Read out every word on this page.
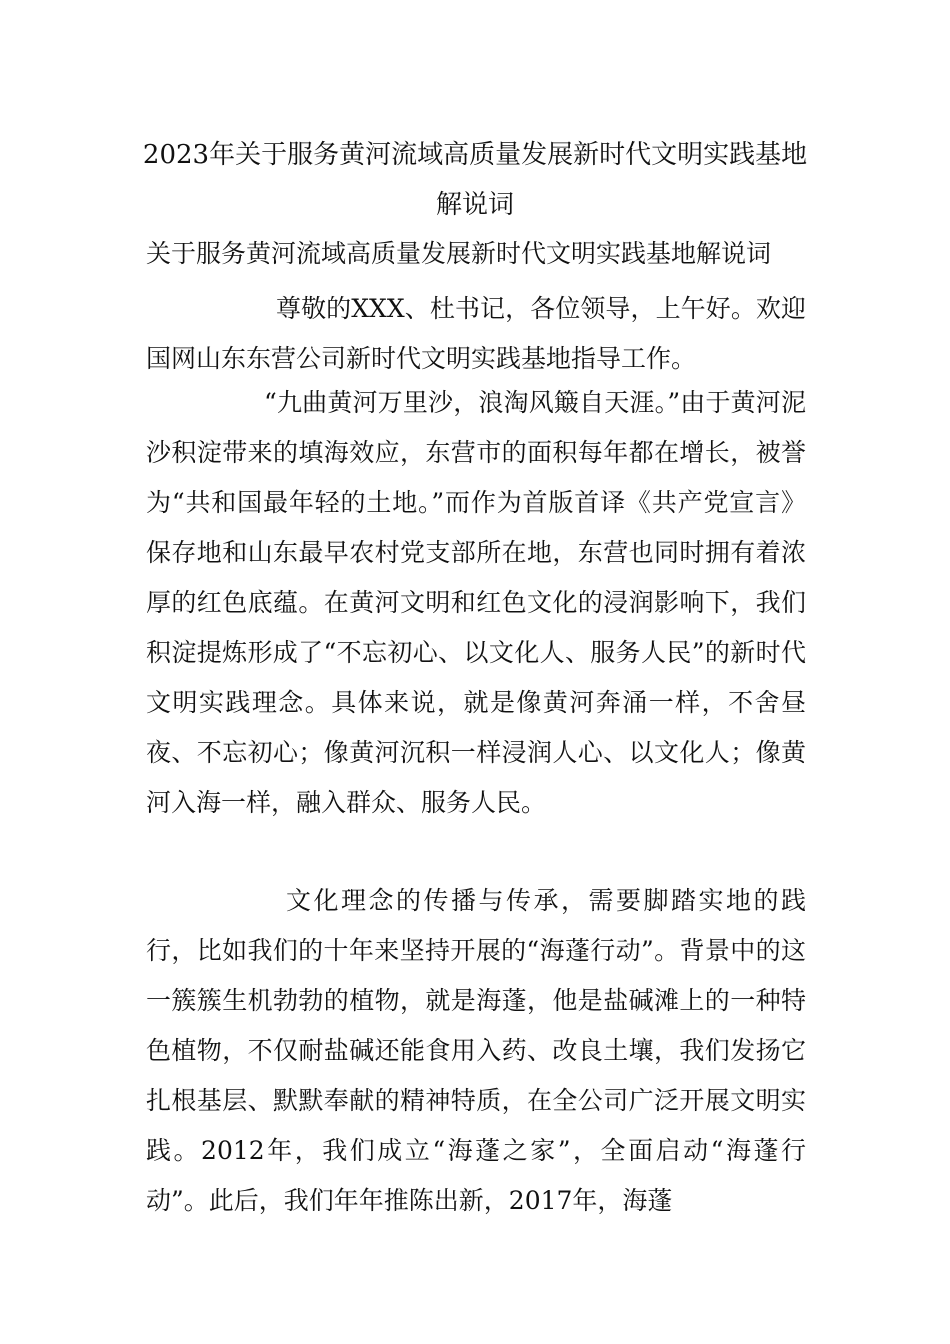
2023年关于服务黄河流域高质量发展新时代文明实践基地
解说词
关于服务黄河流域高质量发展新时代文明实践基地解说词

尊敬的XXX、杜书记，各位领导，上午好。欢迎国网山东东营公司新时代文明实践基地指导工作。

“九曲黄河万里沙，浪淘风簸自天涯。”由于黄河泥沙积淀带来的填海效应，东营市的面积每年都在增长，被誉为“共和国最年轻的土地。”而作为首版首译《共产党宣言》保存地和山东最早农村党支部所在地，东营也同时拥有着浓厚的红色底蕴。在黄河文明和红色文化的浸润影响下，我们积淀提炼形成了“不忘初心、以文化人、服务人民”的新时代文明实践理念。具体来说，就是像黄河奔涌一样，不舍昼夜、不忘初心；像黄河沉积一样浸润人心、以文化人；像黄河入海一样，融入群众、服务人民。

文化理念的传播与传承，需要脚踏实地的践行，比如我们的十年来坚持开展的“海蓬行动”。背景中的这一簇簇生机勃勃的植物，就是海蓬，他是盐碱滩上的一种特色植物，不仅耐盐碱还能食用入药、改良土壤，我们发扬它扎根基层、默默奉献的精神特质，在全公司广泛开展文明实践。2012年，我们成立“海蓬之家”，全面启动“海蓬行动”。此后，我们年年推陈出新，2017年，海蓬
